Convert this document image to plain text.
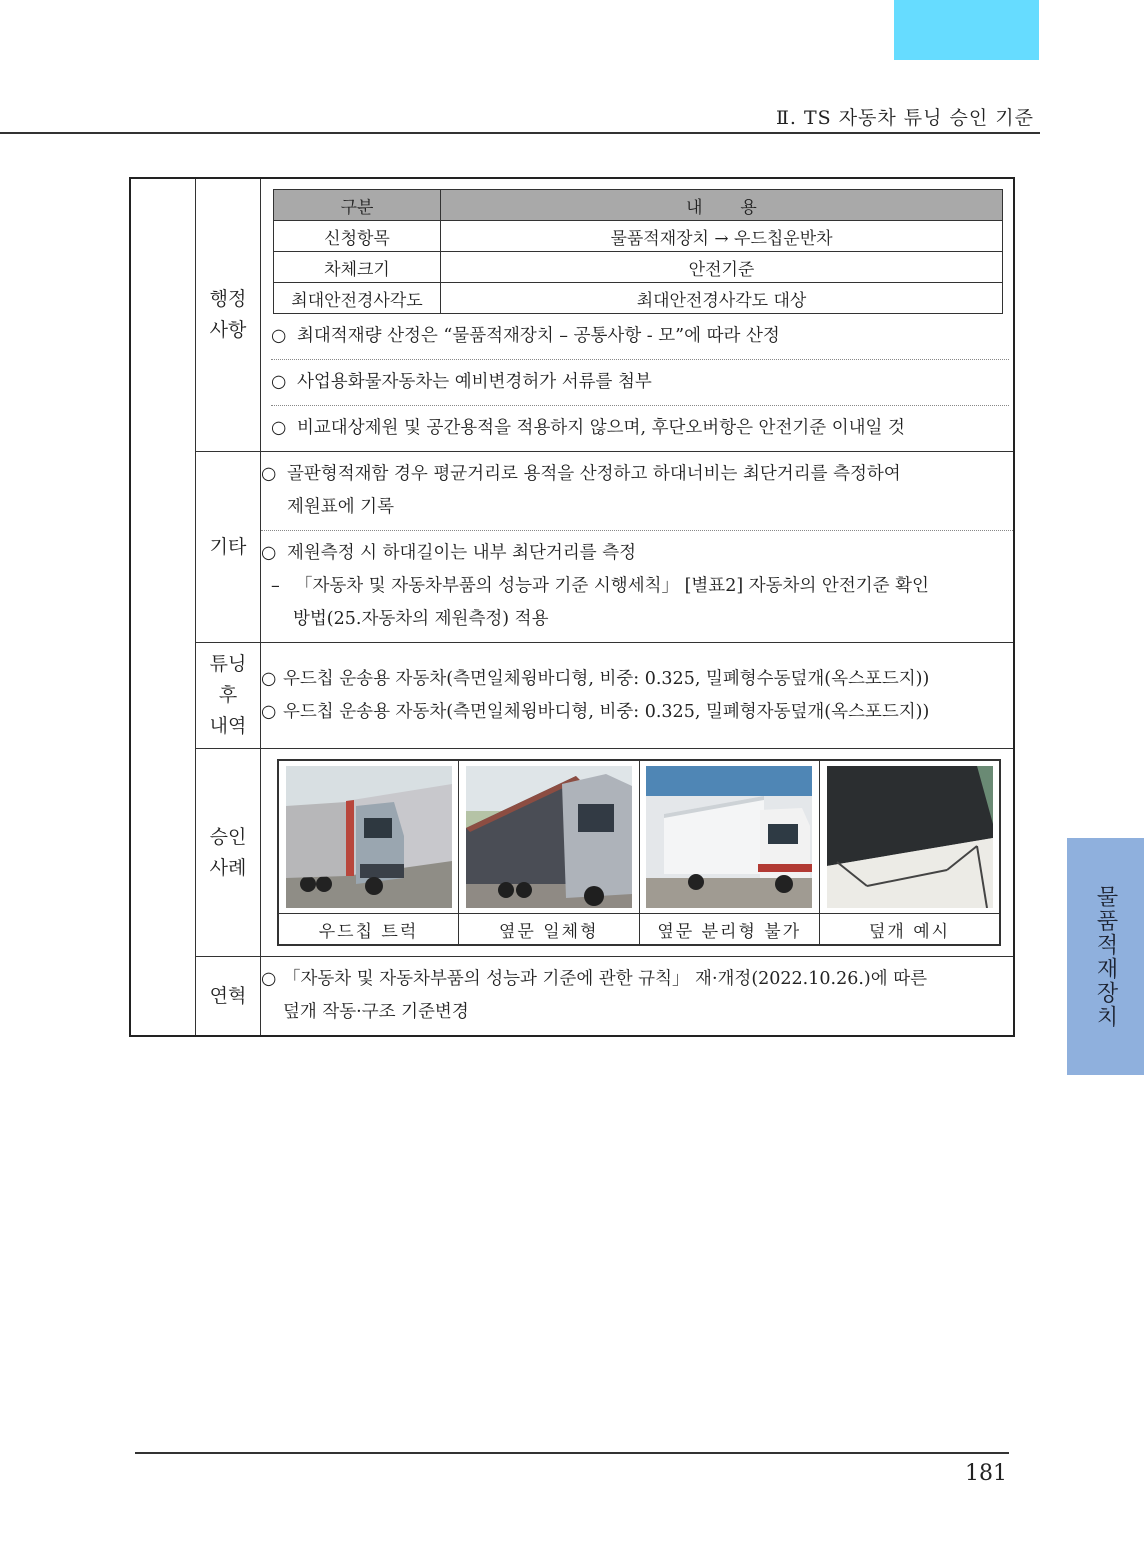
Ⅱ. TS 자동차 튜닝 승인 기준
물품적재장치
	행정
사항	
구분	내       용
신청항목	물품적재장치 → 우드칩운반차
차체크기	안전기준
최대안전경사각도	최대안전경사각도 대상
○ 최대적재량 산정은 “물품적재장치 – 공통사항 - 모”에 따라 산정
○ 사업용화물자동차는 예비변경허가 서류를 첨부
○ 비교대상제원 및 공간용적을 적용하지 않으며, 후단오버항은 안전기준 이내일 것

기타	
○ 골판형적재함 경우 평균거리로 용적을 산정하고 하대너비는 최단거리를 측정하여
제원표에 기록
○ 제원측정 시 하대길이는 내부 최단거리를 측정
– 「자동차 및 자동차부품의 성능과 기준 시행세칙」 [별표2] 자동차의 안전기준 확인
방법(25.자동차의 제원측정) 적용

튜닝
후
내역	
○ 우드칩 운송용 자동차(측면일체윙바디형, 비중: 0.325, 밀폐형수동덮개(옥스포드지))
○ 우드칩 운송용 자동차(측면일체윙바디형, 비중: 0.325, 밀폐형자동덮개(옥스포드지))

승인
사례	

우드칩 트럭	옆문 일체형	옆문 분리형 불가	덮개 예시

연혁	○ 「자동차 및 자동차부품의 성능과 기준에 관한 규칙」 재·개정(2022.10.26.)에 따른
덮개 작동·구조 기준변경
181
